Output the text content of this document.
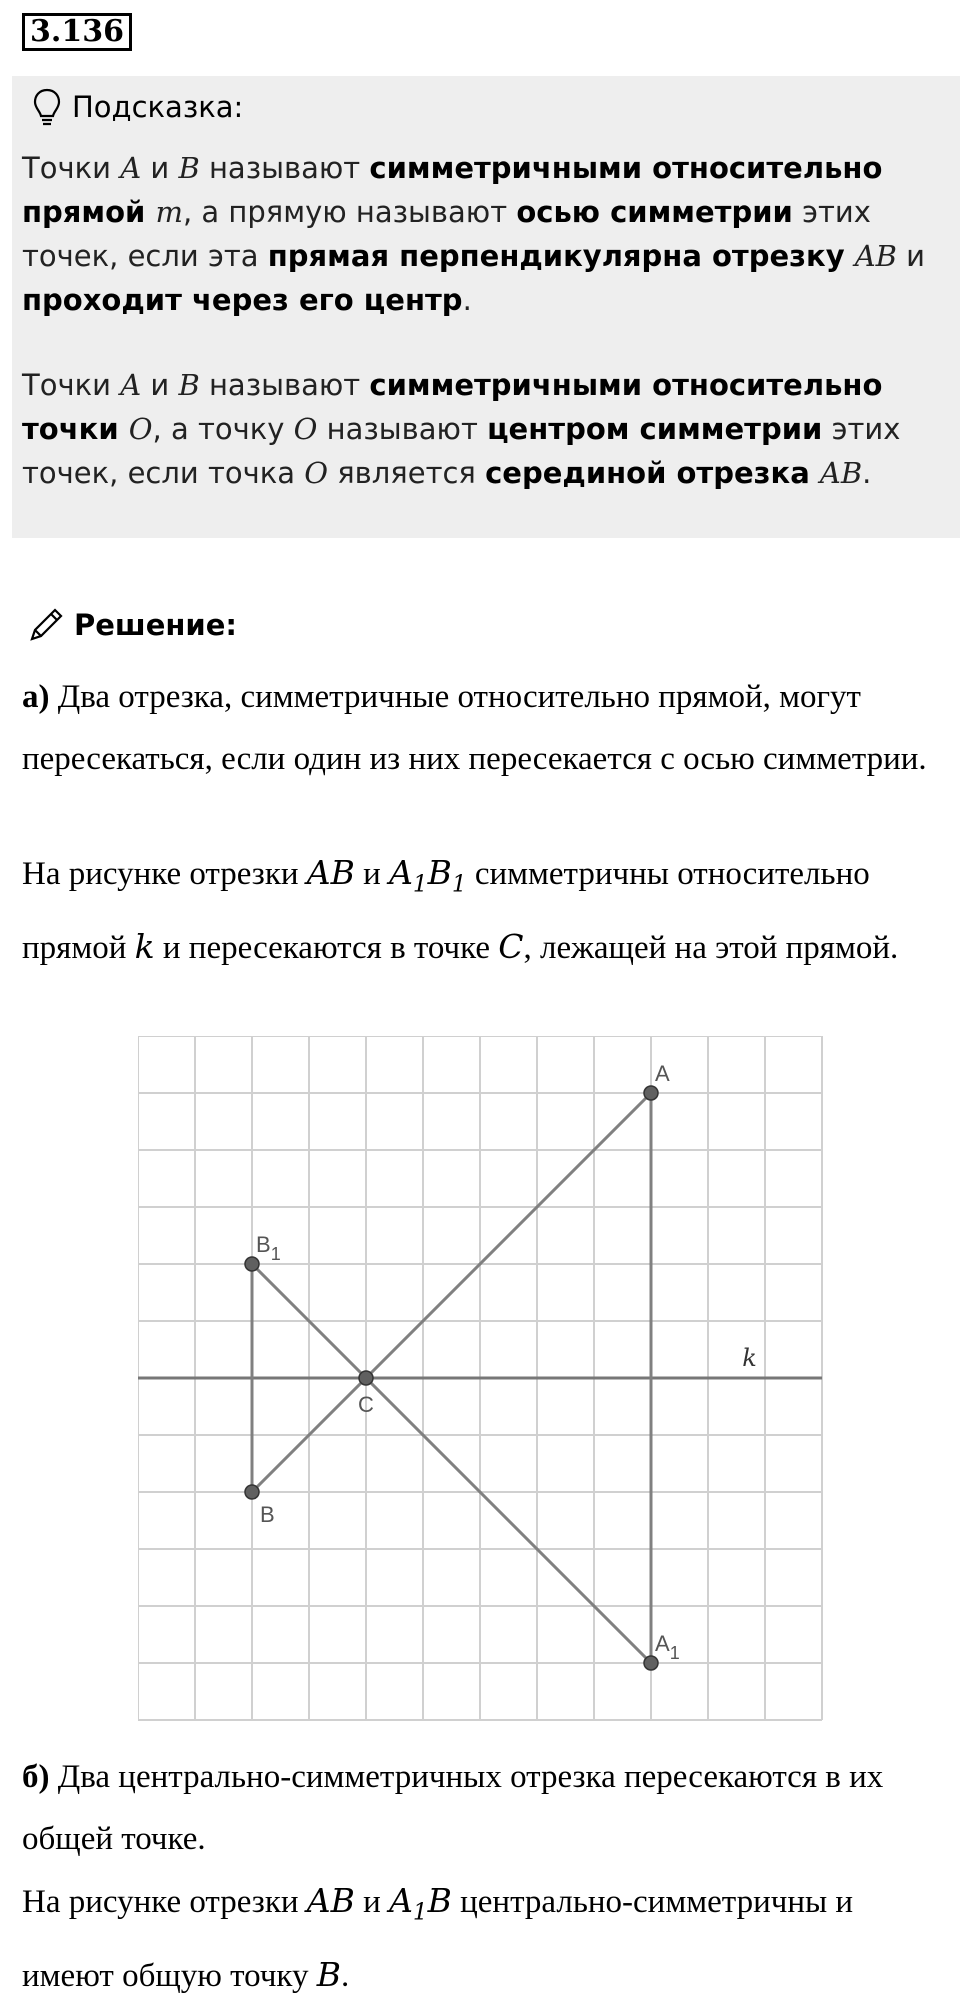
3.136
Подсказка:

Точки A и B называют симметричными относительно прямой m, а прямую называют осью симметрии этих точек, если эта прямая перпендикулярна отрезку AB и проходит через его центр.

Точки A и B называют симметричными относительно точки O, а точку O называют центром симметрии этих точек, если точка O является серединой отрезка AB.

Решение:

а) Два отрезка, симметричные относительно прямой, могут пересекаться, если один из них пересекается с осью симметрии.

На рисунке отрезки AB и $A_1B_1$ симметричны относительно прямой k и пересекаются в точке C, лежащей на этой прямой.

k
A
B
$B_1$
C
$A_1$

б) Два центрально-симметричных отрезка пересекаются в их общей точке.

На рисунке отрезки AB и $A_1B$ центрально-симметричны и имеют общую точку B.
